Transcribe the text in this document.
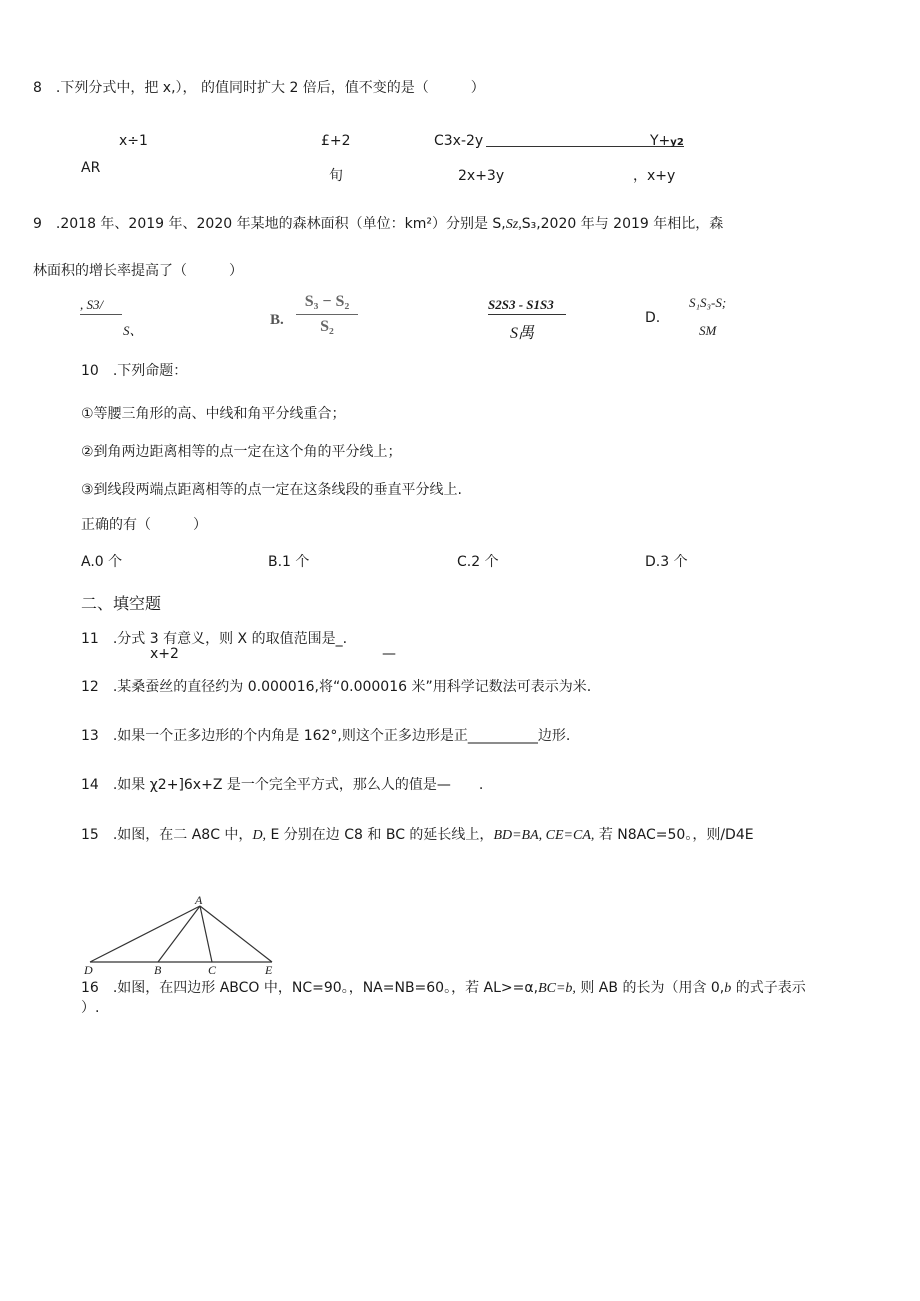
8　.下列分式中，把 x,）， 的值同时扩大 2 倍后，值不变的是（　　　）
x÷1
AR
£+2
旬
C3x-2y
2x+3y
Y+y2
，x+y
9　.2018 年、2019 年、2020 年某地的森林面积（单位：km²）分别是 S,Sz,S₃,2020 年与 2019 年相比，森
林面积的增长率提高了（　　　）
, S3/
S、
B.
S₃ − S₂
S₂
S2S3 - S1S3
S禺
D.
S₁S₃-S;
SM
10　.下列命题：
①等腰三角形的高、中线和角平分线重合；
②到角两边距离相等的点一定在这个角的平分线上；
③到线段两端点距离相等的点一定在这条线段的垂直平分线上.
正确的有（　　　）
A.0 个	B.1 个	C.2 个	D.3 个
二、填空题
11　.分式 3 有意义，则 X 的取值范围是_.
x+2	—
12　.某桑蚕丝的直径约为 0.000016,将“0.000016 米”用科学记数法可表示为米.
13　.如果一个正多边形的个内角是 162°,则这个正多边形是正__________边形.
14　.如果 χ2+]6x+Z 是一个完全平方式，那么人的值是—　　.
15　.如图，在二 A8C 中，D, E 分别在边 C8 和 BC 的延长线上，BD=BA, CE=CA, 若 N8AC=50。，则/D4E
A
D	B	C	E
16　.如图，在四边形 ABCO 中，NC=90。，NA=NB=60。，若 AL>=α,BC=b, 则 AB 的长为（用含 0,b 的式子表示
）.
